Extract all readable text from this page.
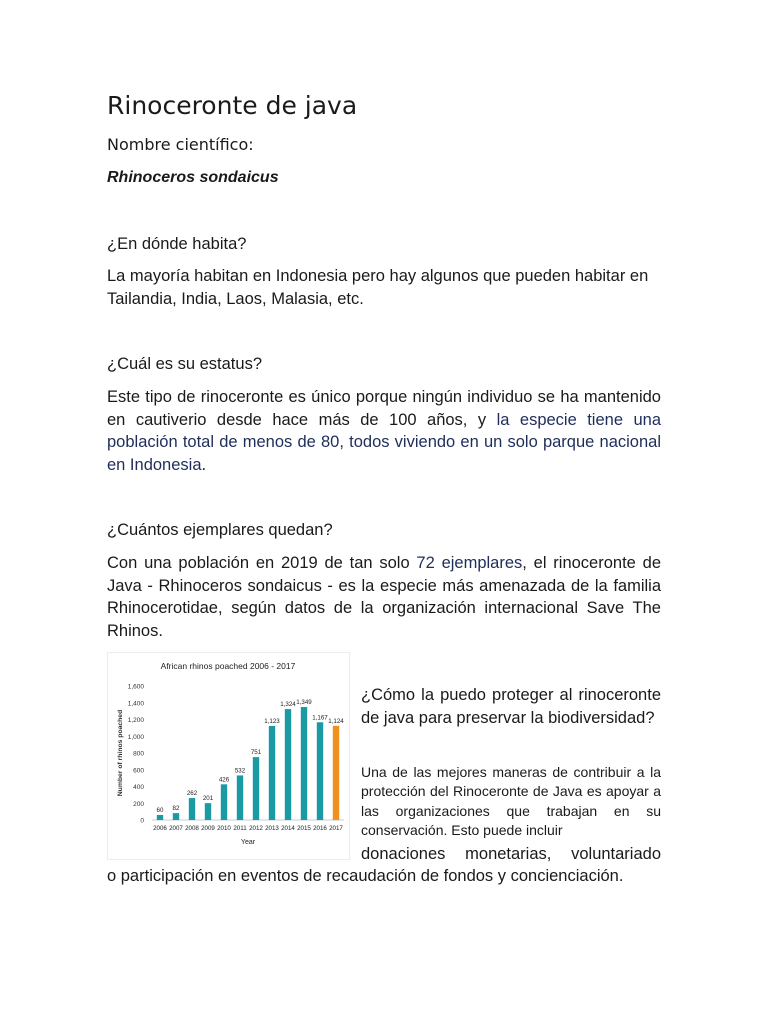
Rinoceronte de java
Nombre científico:
Rhinoceros sondaicus
¿En dónde habita?

La mayoría habitan en Indonesia pero hay algunos que pueden habitar en Tailandia, India, Laos, Malasia, etc.

¿Cuál es su estatus?

Este tipo de rinoceronte es único porque ningún individuo se ha mantenido en cautiverio desde hace más de 100 años, y la especie tiene una población total de menos de 80, todos viviendo en un solo parque nacional en Indonesia.

¿Cuántos ejemplares quedan?

Con una población en 2019 de tan solo 72 ejemplares, el rinoceronte de Java - Rhinoceros sondaicus - es la especie más amenazada de la familia Rhinocerotidae, según datos de la organización internacional Save The Rhinos.

African rhinos poached 2006 - 2017
0
200
400
600
800
1,000
1,200
1,400
1,600
Number of rhinos poached
60
2006
82
2007
262
2008
201
2009
426
2010
532
2011
751
2012
1,123
2013
1,324
2014
1,349
2015
1,167
2016
1,124
2017
Year

¿Cómo la puedo proteger al rinoceronte de java para preservar la biodiversidad?

Una de las mejores maneras de contribuir a la protección del Rinoceronte de Java es apoyar a las organizaciones que trabajan en su conservación. Esto puede incluir

donaciones monetarias, voluntariado

o participación en eventos de recaudación de fondos y concienciación.
